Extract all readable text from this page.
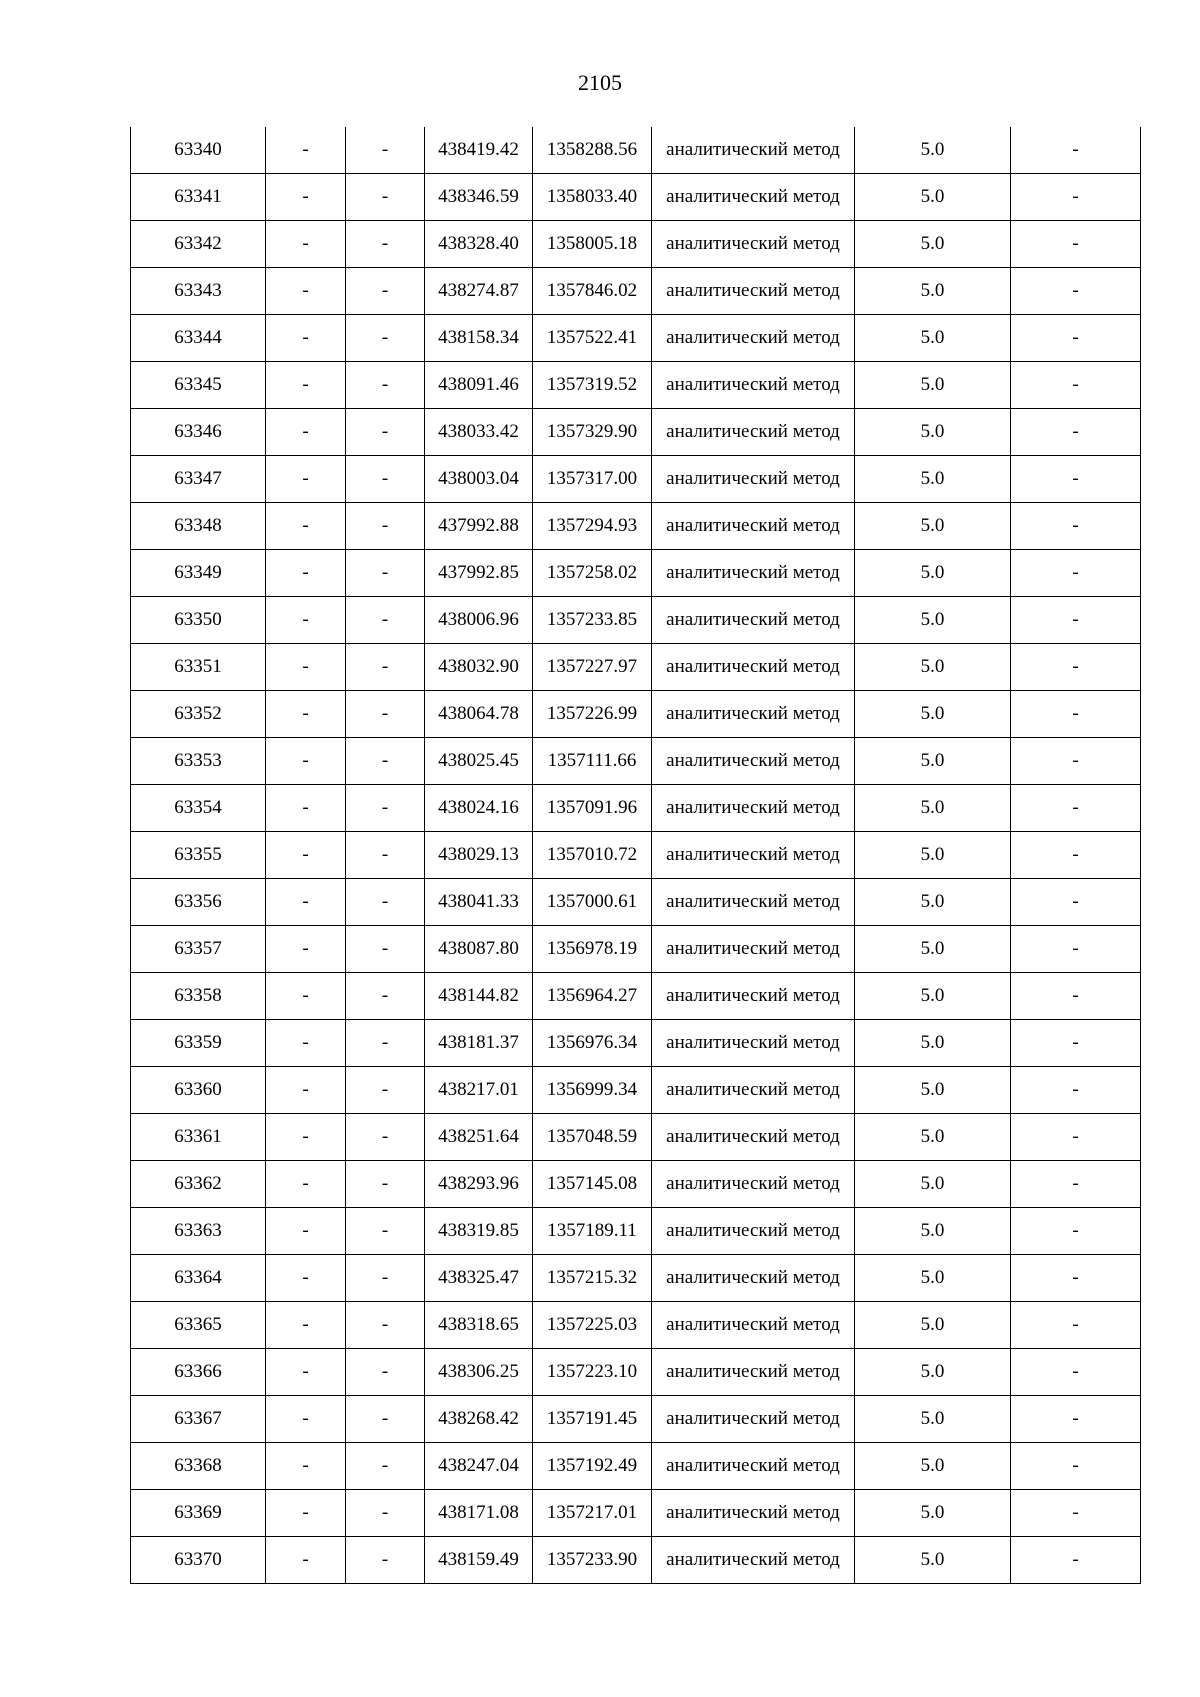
2105
63340	-	-	438419.42	1358288.56	аналитический метод	5.0	-
63341	-	-	438346.59	1358033.40	аналитический метод	5.0	-
63342	-	-	438328.40	1358005.18	аналитический метод	5.0	-
63343	-	-	438274.87	1357846.02	аналитический метод	5.0	-
63344	-	-	438158.34	1357522.41	аналитический метод	5.0	-
63345	-	-	438091.46	1357319.52	аналитический метод	5.0	-
63346	-	-	438033.42	1357329.90	аналитический метод	5.0	-
63347	-	-	438003.04	1357317.00	аналитический метод	5.0	-
63348	-	-	437992.88	1357294.93	аналитический метод	5.0	-
63349	-	-	437992.85	1357258.02	аналитический метод	5.0	-
63350	-	-	438006.96	1357233.85	аналитический метод	5.0	-
63351	-	-	438032.90	1357227.97	аналитический метод	5.0	-
63352	-	-	438064.78	1357226.99	аналитический метод	5.0	-
63353	-	-	438025.45	1357111.66	аналитический метод	5.0	-
63354	-	-	438024.16	1357091.96	аналитический метод	5.0	-
63355	-	-	438029.13	1357010.72	аналитический метод	5.0	-
63356	-	-	438041.33	1357000.61	аналитический метод	5.0	-
63357	-	-	438087.80	1356978.19	аналитический метод	5.0	-
63358	-	-	438144.82	1356964.27	аналитический метод	5.0	-
63359	-	-	438181.37	1356976.34	аналитический метод	5.0	-
63360	-	-	438217.01	1356999.34	аналитический метод	5.0	-
63361	-	-	438251.64	1357048.59	аналитический метод	5.0	-
63362	-	-	438293.96	1357145.08	аналитический метод	5.0	-
63363	-	-	438319.85	1357189.11	аналитический метод	5.0	-
63364	-	-	438325.47	1357215.32	аналитический метод	5.0	-
63365	-	-	438318.65	1357225.03	аналитический метод	5.0	-
63366	-	-	438306.25	1357223.10	аналитический метод	5.0	-
63367	-	-	438268.42	1357191.45	аналитический метод	5.0	-
63368	-	-	438247.04	1357192.49	аналитический метод	5.0	-
63369	-	-	438171.08	1357217.01	аналитический метод	5.0	-
63370	-	-	438159.49	1357233.90	аналитический метод	5.0	-
